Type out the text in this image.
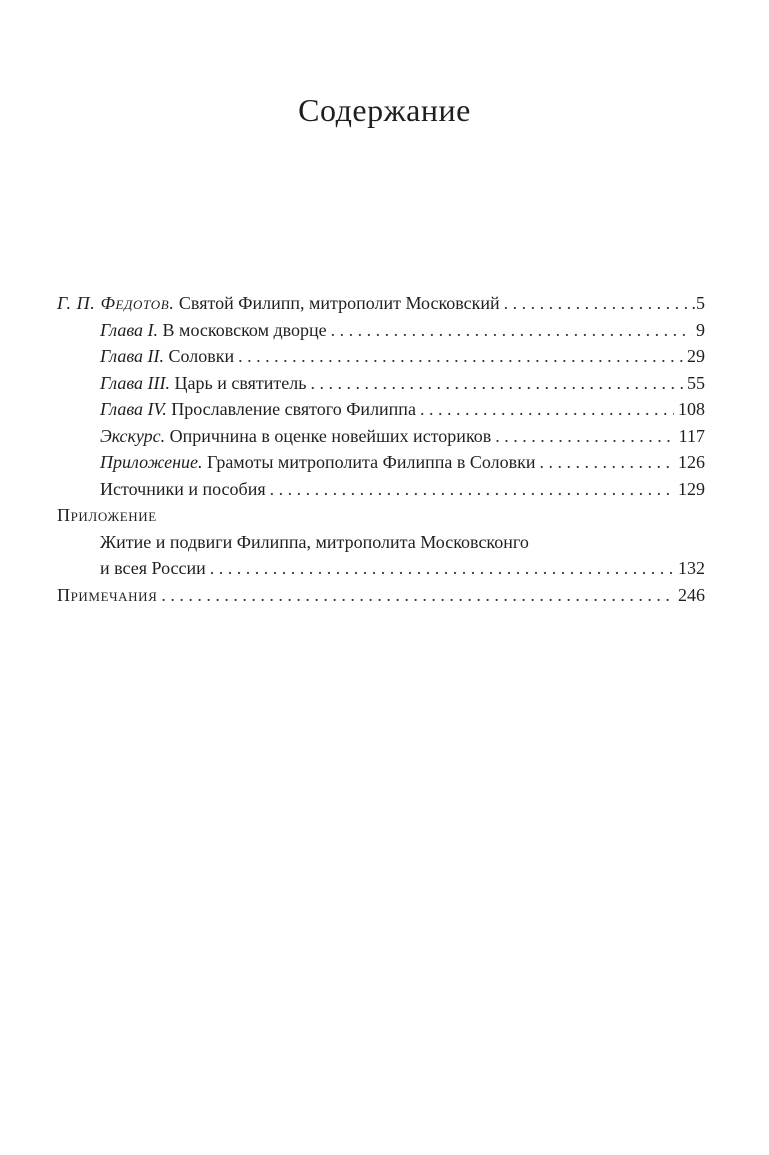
Содержание
Г. П. Федотов. Святой Филипп, митрополит Московский . . .	.5
Глава I. В московском дворце . . .	9
Глава II. Соловки . . .	29
Глава III. Царь и святитель . . .	55
Глава IV. Прославление святого Филиппа . . .	108
Экскурс. Опричнина в оценке новейших историков . . .	117
Приложение. Грамоты митрополита Филиппа в Соловки . . .	126
Источники и пособия . . .	129
Приложение
Житие и подвиги Филиппа, митрополита Московсконго
и всея России . . .	132
Примечания . . .	246
